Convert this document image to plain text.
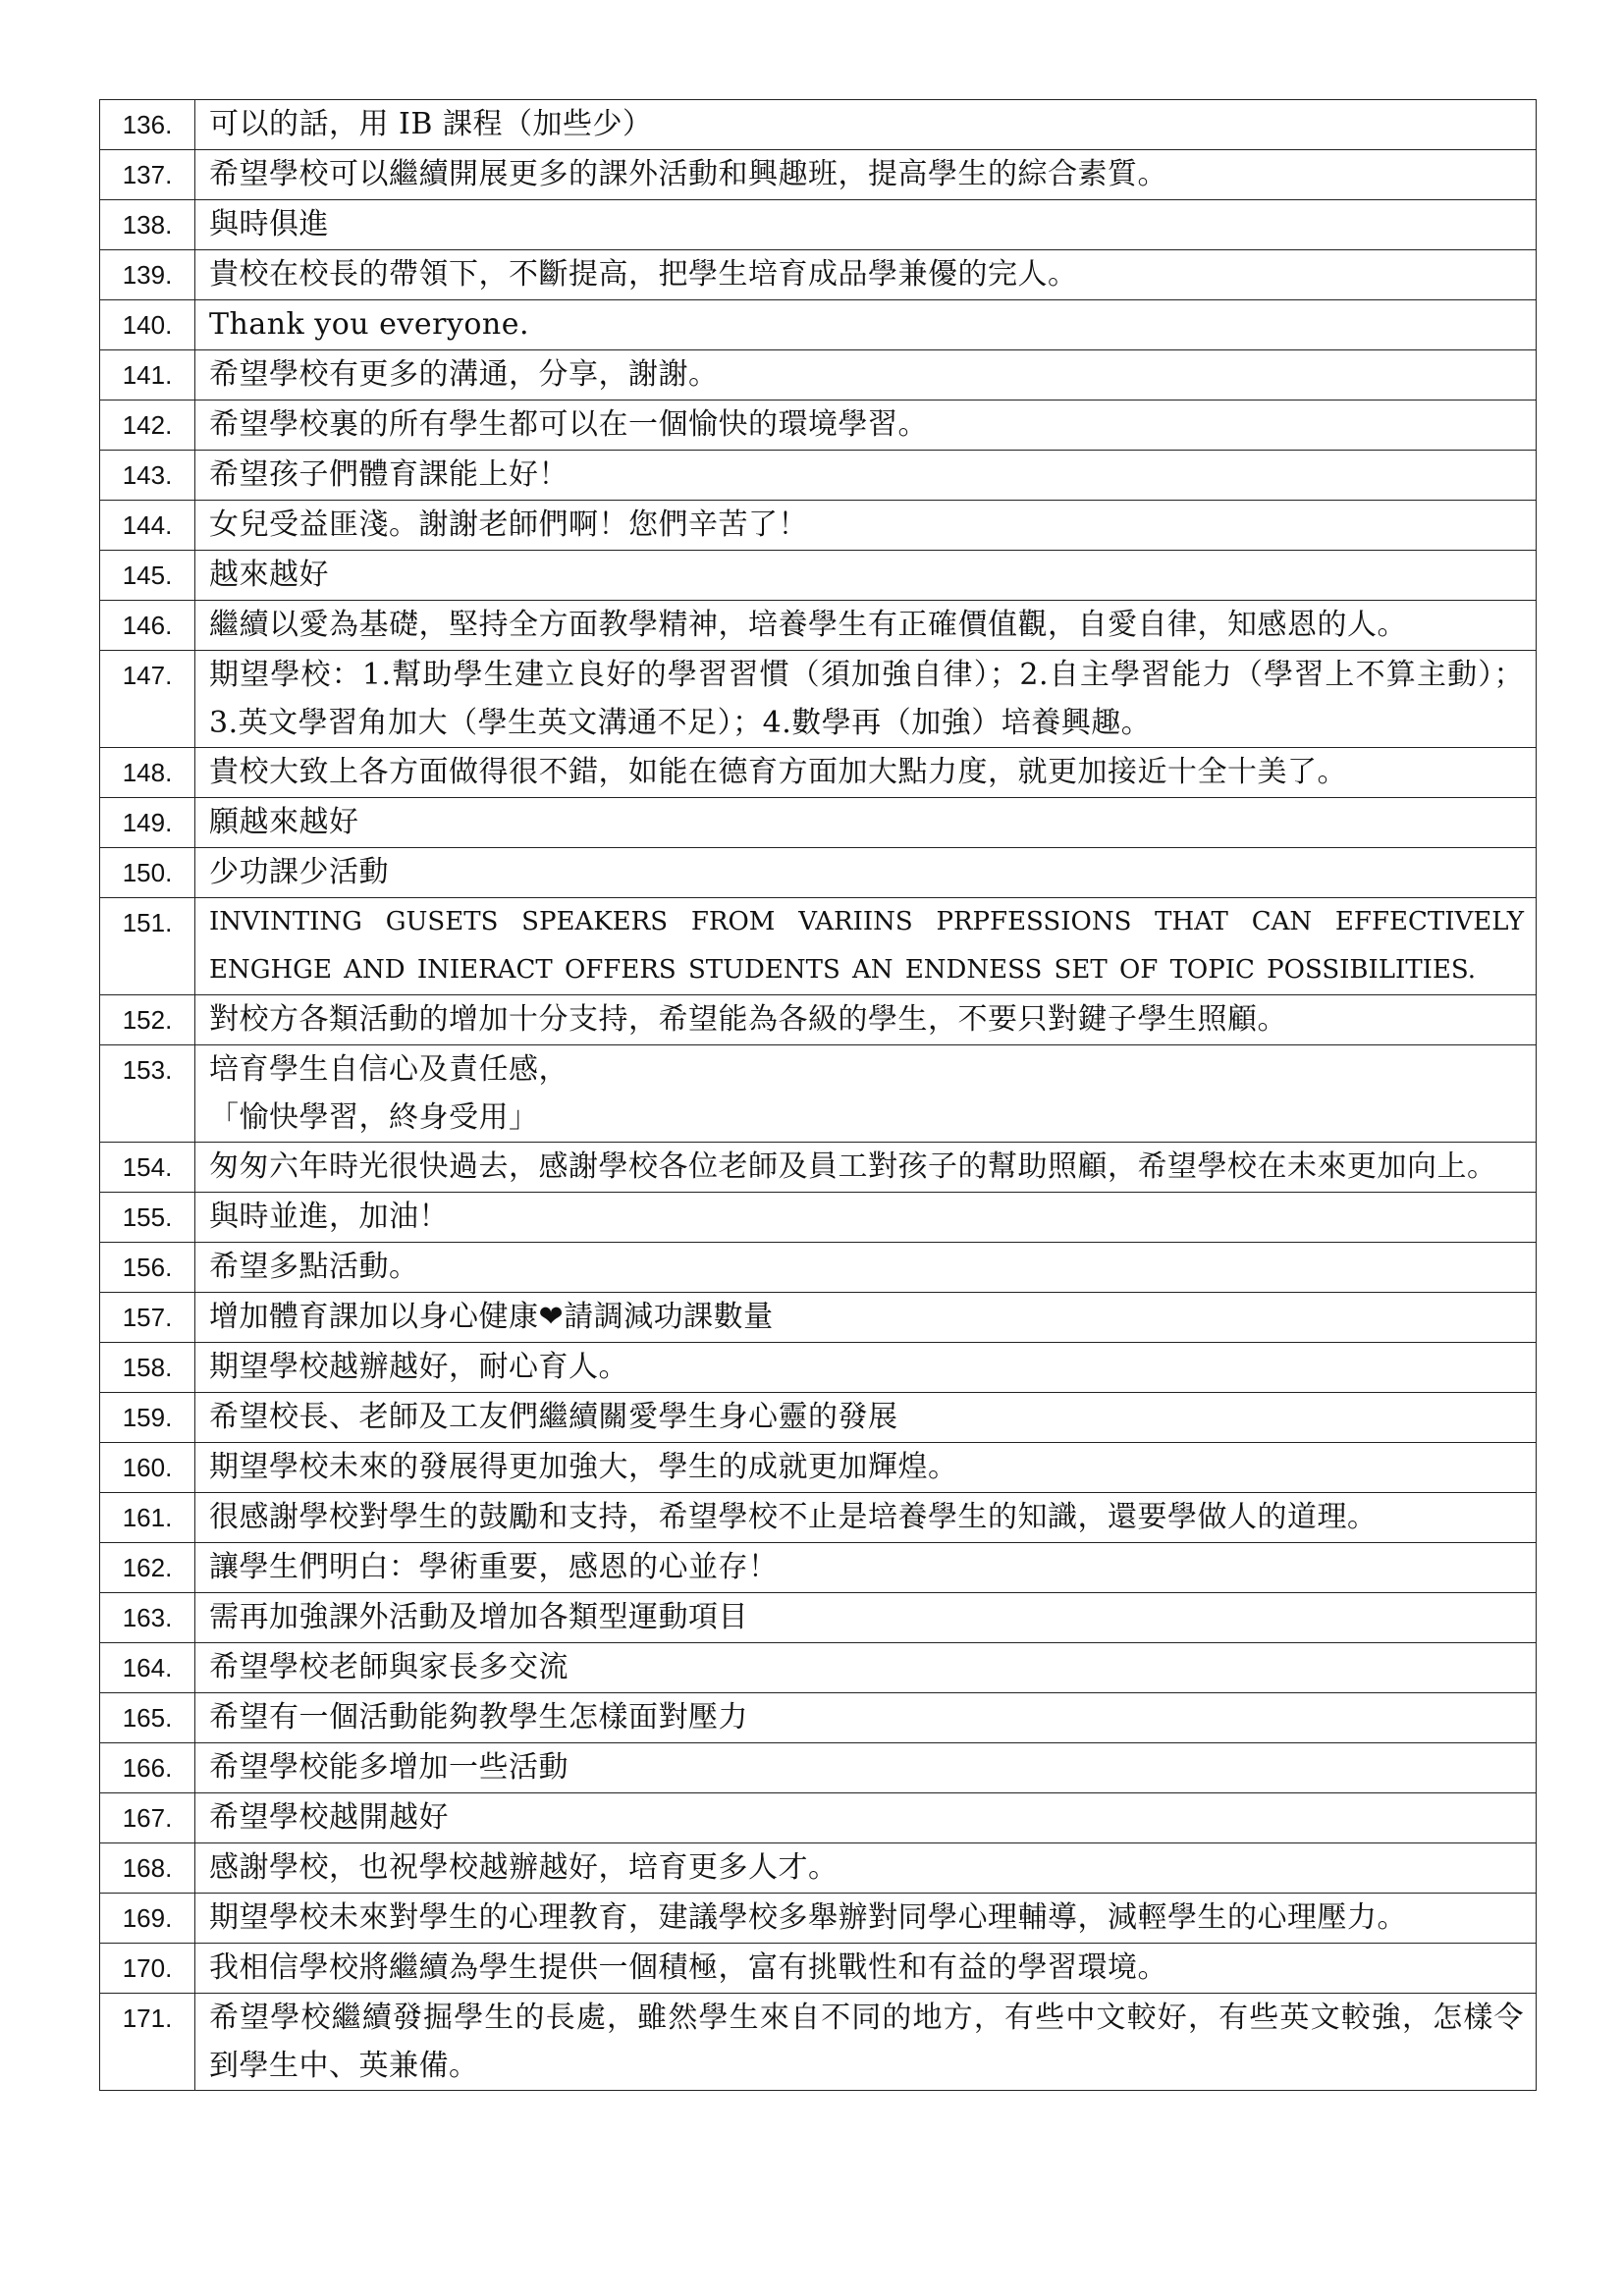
136.	可以的話，用 IB 課程（加些少）
137.	希望學校可以繼續開展更多的課外活動和興趣班，提高學生的綜合素質。
138.	與時俱進
139.	貴校在校長的帶領下，不斷提高，把學生培育成品學兼優的完人。
140.	Thank you everyone.
141.	希望學校有更多的溝通，分享，謝謝。
142.	希望學校裏的所有學生都可以在一個愉快的環境學習。
143.	希望孩子們體育課能上好！
144.	女兒受益匪淺。謝謝老師們啊！您們辛苦了！
145.	越來越好
146.	繼續以愛為基礎，堅持全方面教學精神，培養學生有正確價值觀，自愛自律，知感恩的人。
147.	期望學校：1.幫助學生建立良好的學習習慣（須加強自律）；2.自主學習能力（學習上不算主動）；3.英文學習角加大（學生英文溝通不足）；4.數學再（加強）培養興趣。
148.	貴校大致上各方面做得很不錯，如能在德育方面加大點力度，就更加接近十全十美了。
149.	願越來越好
150.	少功課少活動
151.	INVINTING GUSETS SPEAKERS FROM VARIINS PRPFESSIONS THAT CAN EFFECTIVELY ENGHGE AND INIERACT OFFERS STUDENTS AN ENDNESS SET OF TOPIC POSSIBILITIES.
152.	對校方各類活動的增加十分支持，希望能為各級的學生，不要只對鍵子學生照顧。
153.	培育學生自信心及責任感，
「愉快學習，終身受用」

154.	匆匆六年時光很快過去，感謝學校各位老師及員工對孩子的幫助照顧，希望學校在未來更加向上。
155.	與時並進，加油！
156.	希望多點活動。
157.	增加體育課加以身心健康❤請調減功課數量
158.	期望學校越辦越好，耐心育人。
159.	希望校長、老師及工友們繼續關愛學生身心靈的發展
160.	期望學校未來的發展得更加強大，學生的成就更加輝煌。
161.	很感謝學校對學生的鼓勵和支持，希望學校不止是培養學生的知識，還要學做人的道理。
162.	讓學生們明白：學術重要，感恩的心並存！
163.	需再加強課外活動及增加各類型運動項目
164.	希望學校老師與家長多交流
165.	希望有一個活動能夠教學生怎樣面對壓力
166.	希望學校能多增加一些活動
167.	希望學校越開越好
168.	感謝學校，也祝學校越辦越好，培育更多人才。
169.	期望學校未來對學生的心理教育，建議學校多舉辦對同學心理輔導，減輕學生的心理壓力。
170.	我相信學校將繼續為學生提供一個積極，富有挑戰性和有益的學習環境。
171.	希望學校繼續發掘學生的長處，雖然學生來自不同的地方，有些中文較好，有些英文較強，怎樣令到學生中、英兼備。
